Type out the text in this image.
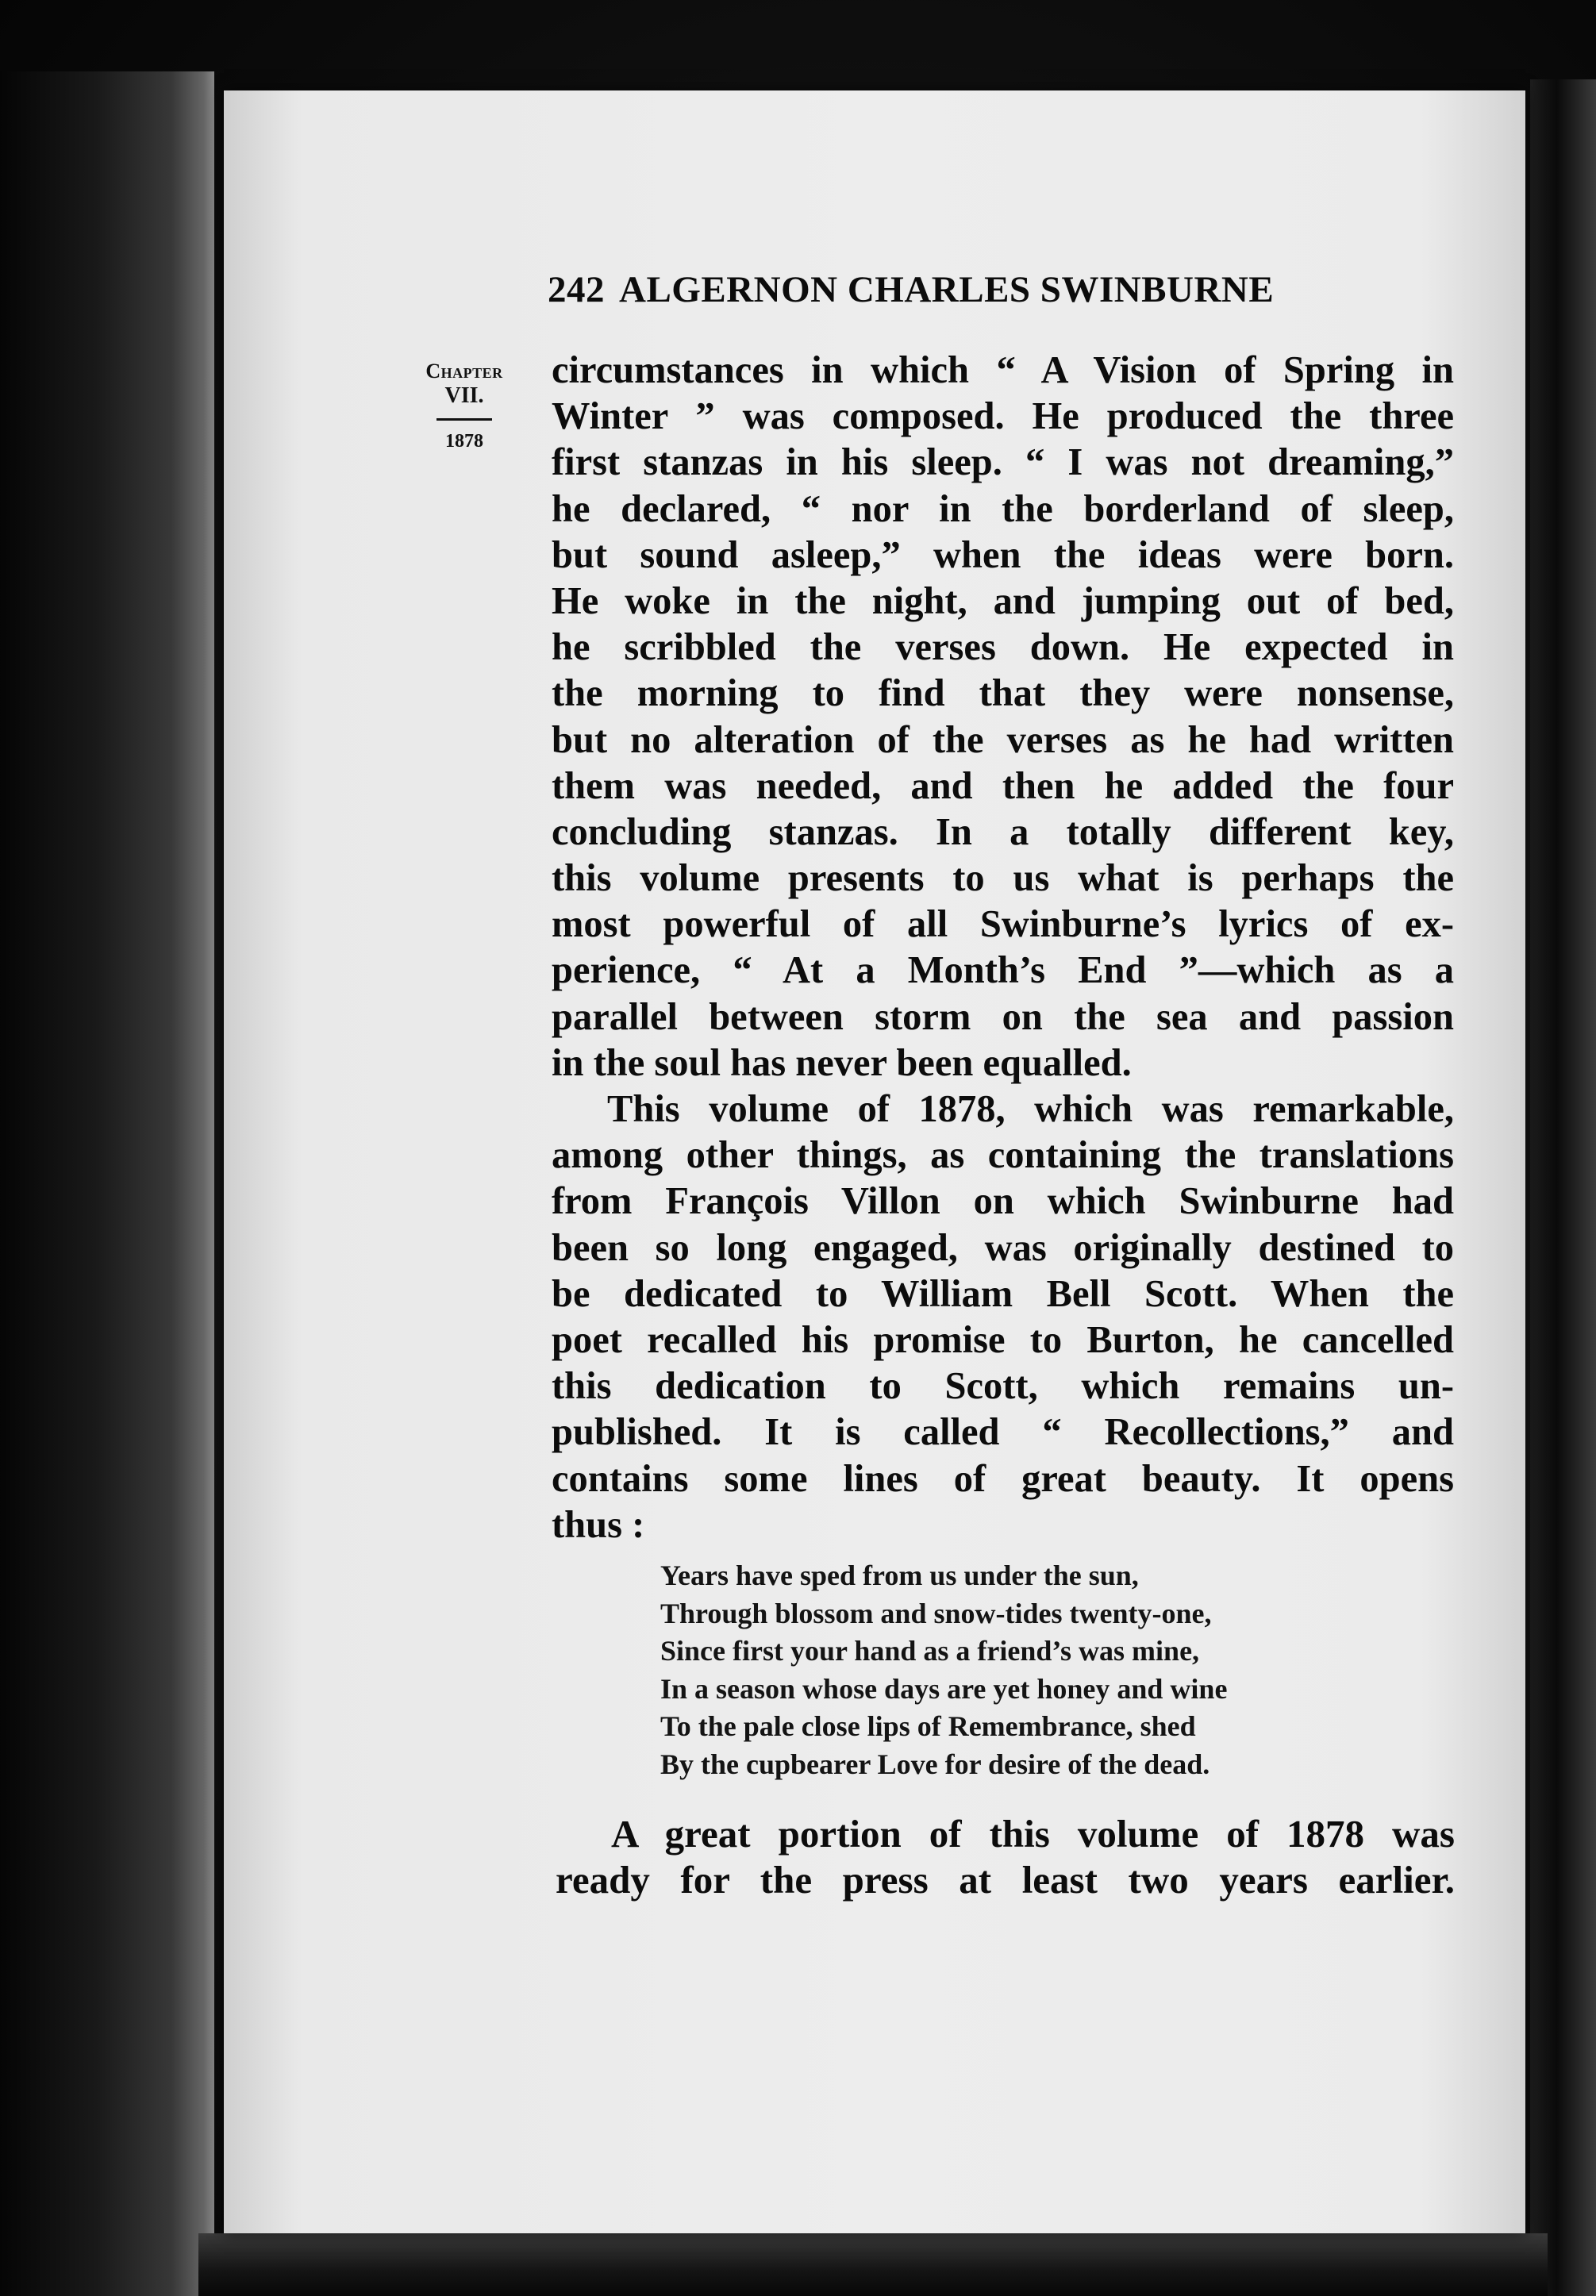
242 ALGERNON CHARLES SWINBURNE
Chapter
VII.
1878
circumstances in which “ A Vision of Spring in
Winter ” was composed. He produced the three
first stanzas in his sleep. “ I was not dreaming,”
he declared, “ nor in the borderland of sleep,
but sound asleep,” when the ideas were born.
He woke in the night, and jumping out of bed,
he scribbled the verses down. He expected in
the morning to find that they were nonsense,
but no alteration of the verses as he had written
them was needed, and then he added the four
concluding stanzas. In a totally different key,
this volume presents to us what is perhaps the
most powerful of all Swinburne’s lyrics of ex-
perience, “ At a Month’s End ”—which as a
parallel between storm on the sea and passion
in the soul has never been equalled.
This volume of 1878, which was remarkable,
among other things, as containing the translations
from François Villon on which Swinburne had
been so long engaged, was originally destined to
be dedicated to William Bell Scott. When the
poet recalled his promise to Burton, he cancelled
this dedication to Scott, which remains un-
published. It is called “ Recollections,” and
contains some lines of great beauty. It opens
thus :
Years have sped from us under the sun,
Through blossom and snow-tides twenty-one,
Since first your hand as a friend’s was mine,
In a season whose days are yet honey and wine
To the pale close lips of Remembrance, shed
By the cupbearer Love for desire of the dead.
A great portion of this volume of 1878 was
ready for the press at least two years earlier.
